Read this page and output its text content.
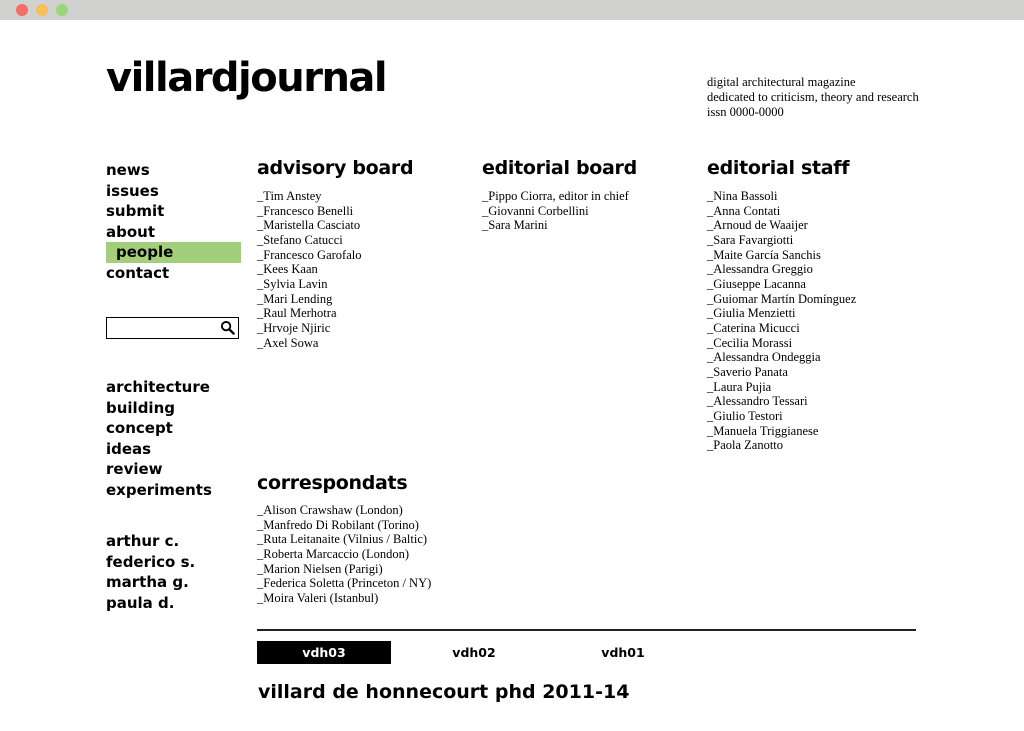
villardjournal	digital architectural magazine
dedicated to criticism, theory and research
issn 0000-0000
news
issues
submit
about
people
contact
architecture
building
concept
ideas
review
experiments
arthur c.
federico s.
martha g.
paula d.
advisory board
_Tim Anstey
_Francesco Benelli
_Maristella Casciato
_Stefano Catucci
_Francesco Garofalo
_Kees Kaan
_Sylvia Lavin
_Mari Lending
_Raul Merhotra
_Hrvoje Njiric
_Axel Sowa
editorial board
_Pippo Ciorra, editor in chief
_Giovanni Corbellini
_Sara Marini
editorial staff
_Nina Bassoli
_Anna Contati
_Arnoud de Waaijer
_Sara Favargiotti
_Maite García Sanchis
_Alessandra Greggio
_Giuseppe Lacanna
_Guiomar Martín Domínguez
_Giulia Menzietti
_Caterina Micucci
_Cecilia Morassi
_Alessandra Ondeggia
_Saverio Panata
_Laura Pujia
_Alessandro Tessari
_Giulio Testori
_Manuela Triggianese
_Paola Zanotto
correspondats
_Alison Crawshaw (London)
_Manfredo Di Robilant (Torino)
_Ruta Leitanaite (Vilnius / Baltic)
_Roberta Marcaccio (London)
_Marion Nielsen (Parigi)
_Federica Soletta (Princeton / NY)
_Moira Valeri (Istanbul)
vdh03	vdh02	vdh01
villard de honnecourt phd 2011-14
